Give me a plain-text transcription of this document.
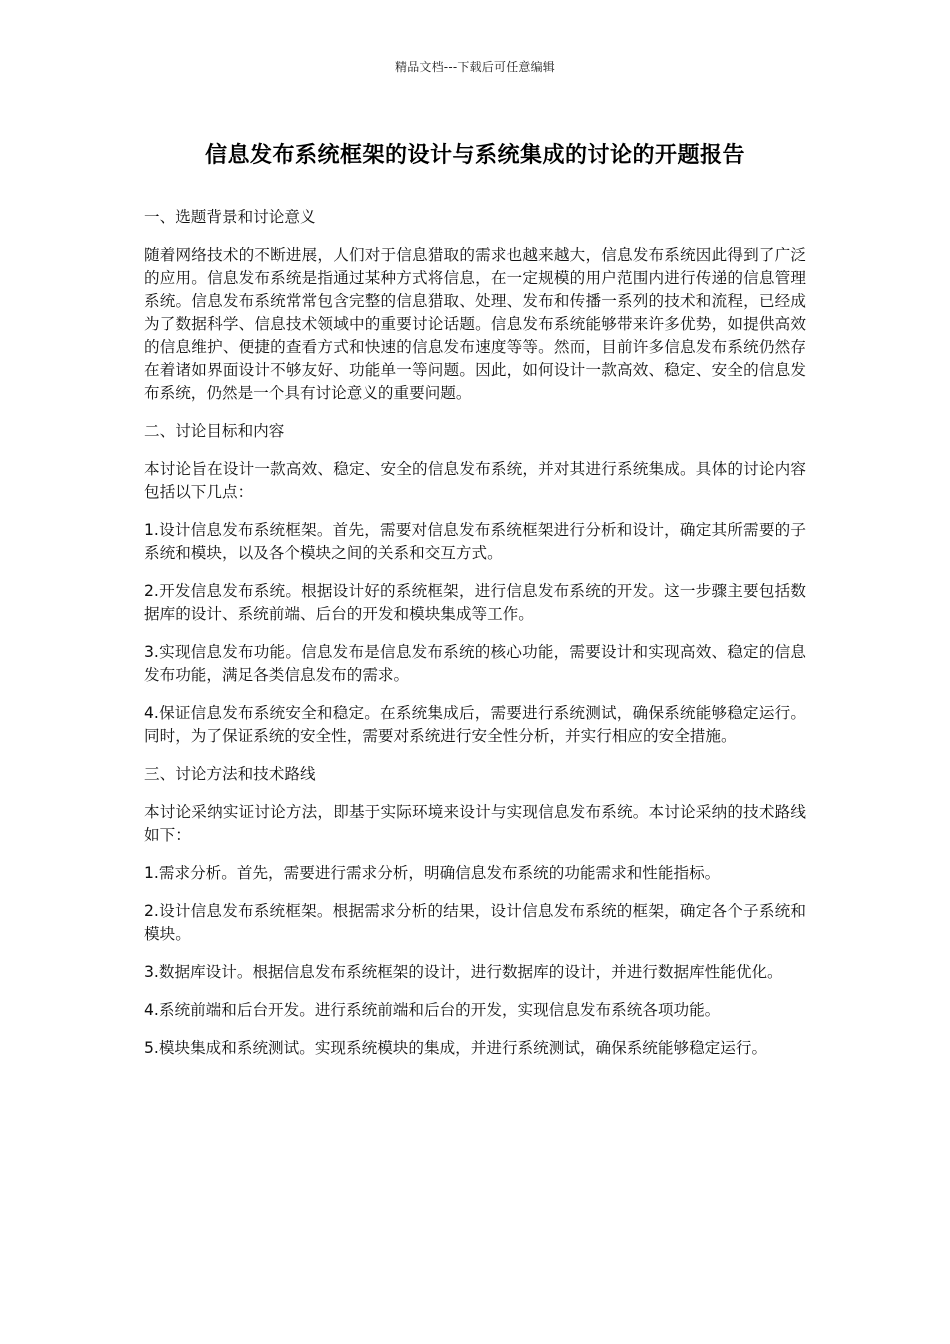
精品文档---下载后可任意编辑
信息发布系统框架的设计与系统集成的讨论的开题报告

一、选题背景和讨论意义

随着网络技术的不断进展，人们对于信息猎取的需求也越来越大，信息发布系统因此得到了广泛的应用。信息发布系统是指通过某种方式将信息，在一定规模的用户范围内进行传递的信息管理系统。信息发布系统常常包含完整的信息猎取、处理、发布和传播一系列的技术和流程，已经成为了数据科学、信息技术领域中的重要讨论话题。信息发布系统能够带来许多优势，如提供高效的信息维护、便捷的查看方式和快速的信息发布速度等等。然而，目前许多信息发布系统仍然存在着诸如界面设计不够友好、功能单一等问题。因此，如何设计一款高效、稳定、安全的信息发布系统，仍然是一个具有讨论意义的重要问题。

二、讨论目标和内容

本讨论旨在设计一款高效、稳定、安全的信息发布系统，并对其进行系统集成。具体的讨论内容包括以下几点：

1.设计信息发布系统框架。首先，需要对信息发布系统框架进行分析和设计，确定其所需要的子系统和模块，以及各个模块之间的关系和交互方式。

2.开发信息发布系统。根据设计好的系统框架，进行信息发布系统的开发。这一步骤主要包括数据库的设计、系统前端、后台的开发和模块集成等工作。

3.实现信息发布功能。信息发布是信息发布系统的核心功能，需要设计和实现高效、稳定的信息发布功能，满足各类信息发布的需求。

4.保证信息发布系统安全和稳定。在系统集成后，需要进行系统测试，确保系统能够稳定运行。同时，为了保证系统的安全性，需要对系统进行安全性分析，并实行相应的安全措施。

三、讨论方法和技术路线

本讨论采纳实证讨论方法，即基于实际环境来设计与实现信息发布系统。本讨论采纳的技术路线如下：

1.需求分析。首先，需要进行需求分析，明确信息发布系统的功能需求和性能指标。

2.设计信息发布系统框架。根据需求分析的结果，设计信息发布系统的框架，确定各个子系统和模块。

3.数据库设计。根据信息发布系统框架的设计，进行数据库的设计，并进行数据库性能优化。

4.系统前端和后台开发。进行系统前端和后台的开发，实现信息发布系统各项功能。

5.模块集成和系统测试。实现系统模块的集成，并进行系统测试，确保系统能够稳定运行。
